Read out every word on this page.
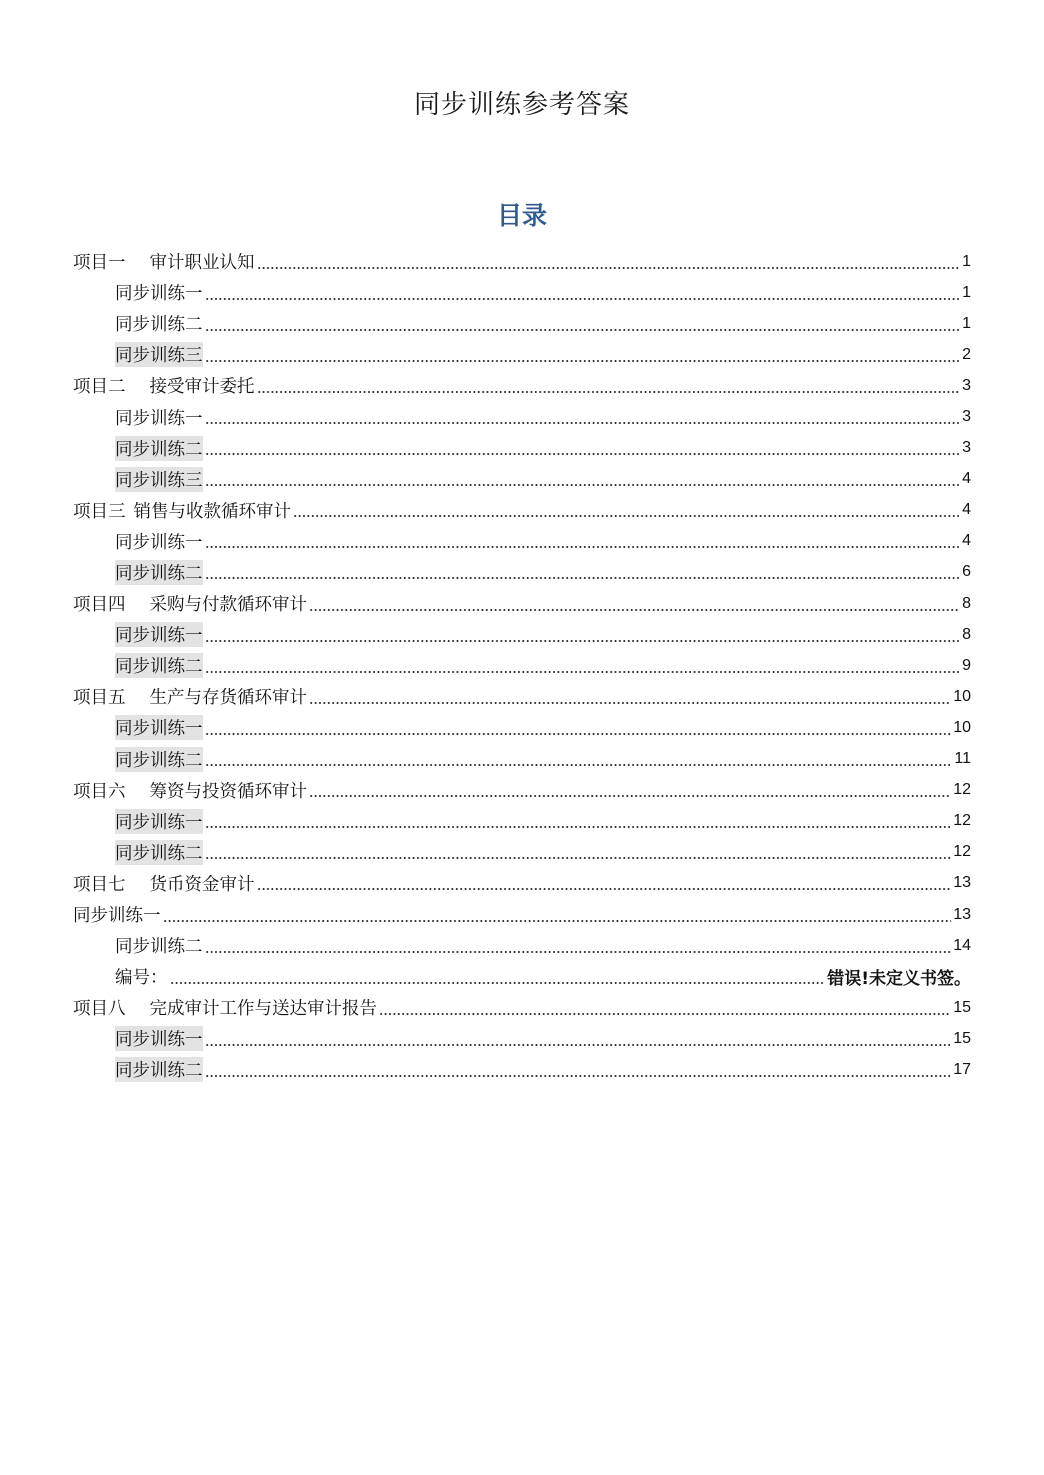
同步训练参考答案
目录
项目一 审计职业认知	1
同步训练一	1
同步训练二	1
同步训练三	2
项目二 接受审计委托	3
同步训练一	3
同步训练二	3
同步训练三	4
项目三 销售与收款循环审计	4
同步训练一	4
同步训练二	6
项目四 采购与付款循环审计	8
同步训练一	8
同步训练二	9
项目五 生产与存货循环审计	10
同步训练一	10
同步训练二	11
项目六 筹资与投资循环审计	12
同步训练一	12
同步训练二	12
项目七 货币资金审计	13
同步训练一	13
同步训练二	14
编号：	错误!未定义书签。
项目八 完成审计工作与送达审计报告	15
同步训练一	15
同步训练二	17
